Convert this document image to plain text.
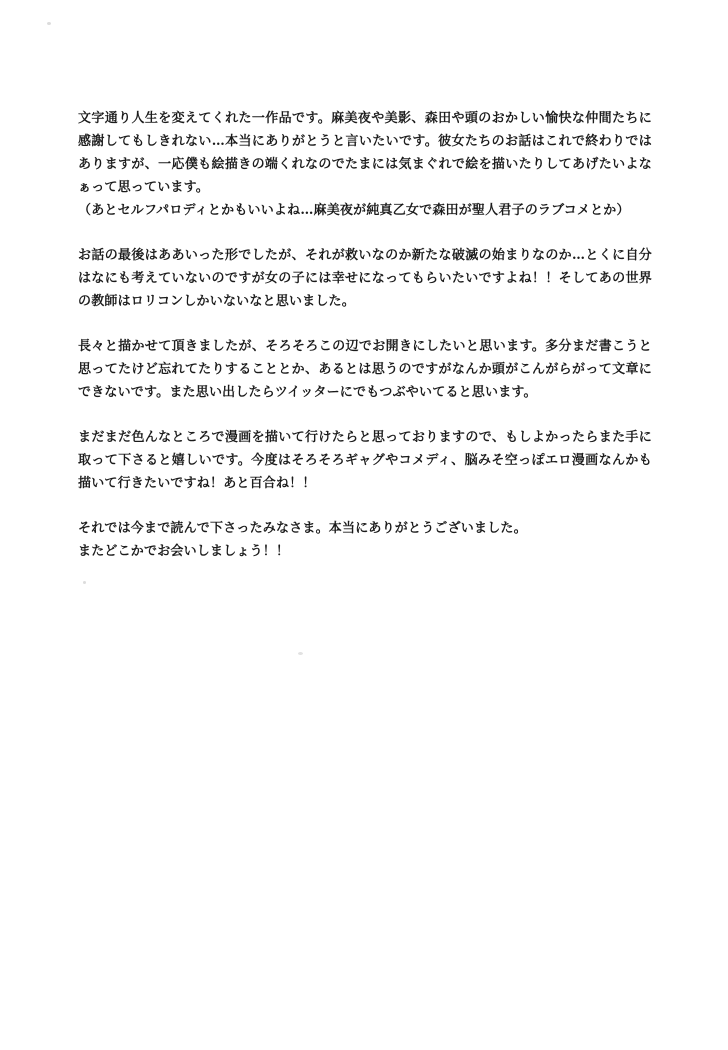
文字通り人生を変えてくれた一作品です。麻美夜や美影、森田や頭のおかしい愉快な仲間たちに感謝してもしきれない…本当にありがとうと言いたいです。彼女たちのお話はこれで終わりではありますが、一応僕も絵描きの端くれなのでたまには気まぐれで絵を描いたりしてあげたいよなぁって思っています。

（あとセルフパロディとかもいいよね…麻美夜が純真乙女で森田が聖人君子のラブコメとか）

お話の最後はああいった形でしたが、それが救いなのか新たな破滅の始まりなのか…とくに自分はなにも考えていないのですが女の子には幸せになってもらいたいですよね！！そしてあの世界の教師はロリコンしかいないなと思いました。

長々と描かせて頂きましたが、そろそろこの辺でお開きにしたいと思います。多分まだ書こうと思ってたけど忘れてたりすることとか、あるとは思うのですがなんか頭がこんがらがって文章にできないです。また思い出したらツイッターにでもつぶやいてると思います。

まだまだ色んなところで漫画を描いて行けたらと思っておりますので、もしよかったらまた手に取って下さると嬉しいです。今度はそろそろギャグやコメディ、脳みそ空っぽエロ漫画なんかも描いて行きたいですね！あと百合ね！！

それでは今まで読んで下さったみなさま。本当にありがとうございました。

またどこかでお会いしましょう！！
